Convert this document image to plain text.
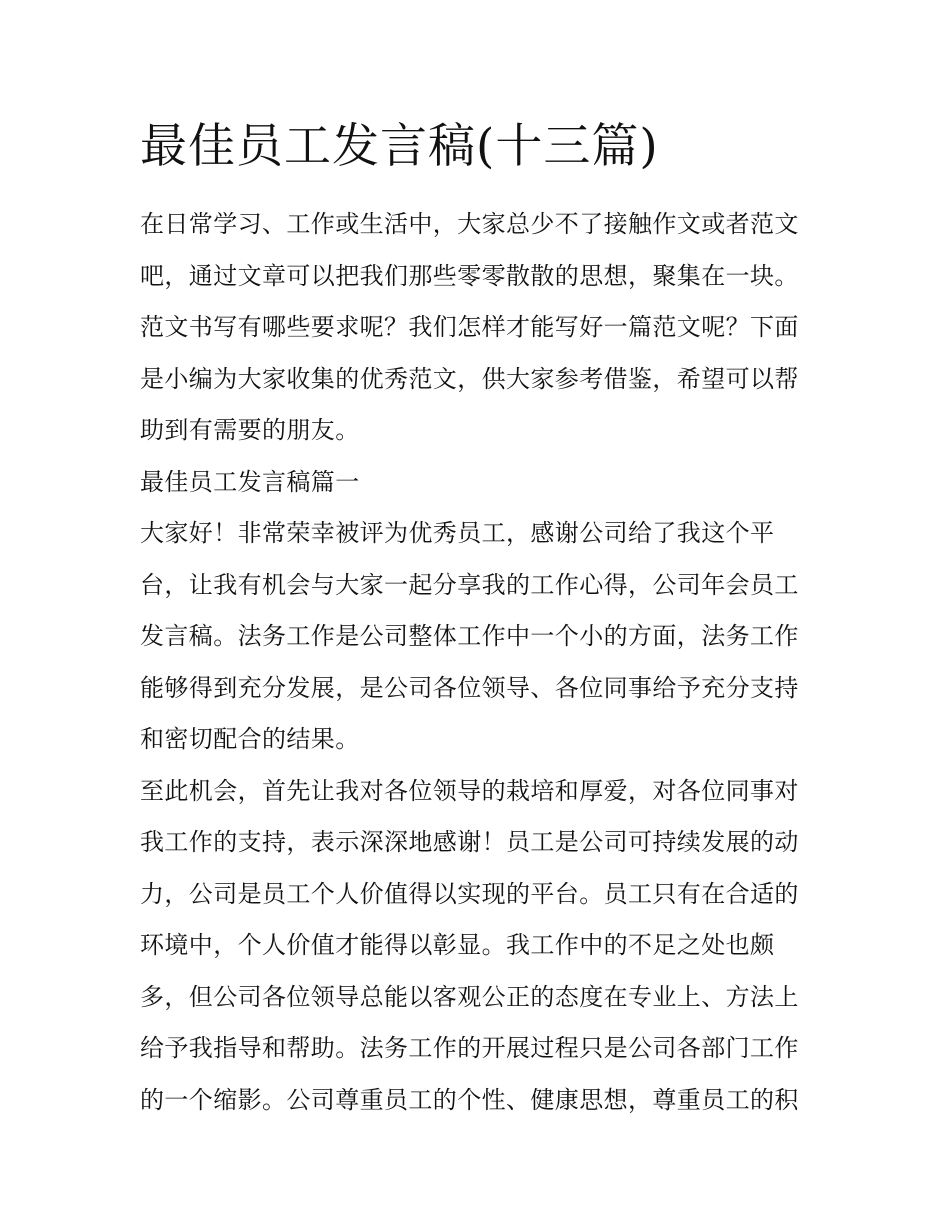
最佳员工发言稿(十三篇)
在日常学习、工作或生活中，大家总少不了接触作文或者范文
吧，通过文章可以把我们那些零零散散的思想，聚集在一块。
范文书写有哪些要求呢？我们怎样才能写好一篇范文呢？下面
是小编为大家收集的优秀范文，供大家参考借鉴，希望可以帮
助到有需要的朋友。
最佳员工发言稿篇一
大家好！非常荣幸被评为优秀员工，感谢公司给了我这个平
台，让我有机会与大家一起分享我的工作心得，公司年会员工
发言稿。法务工作是公司整体工作中一个小的方面，法务工作
能够得到充分发展，是公司各位领导、各位同事给予充分支持
和密切配合的结果。
至此机会，首先让我对各位领导的栽培和厚爱，对各位同事对
我工作的支持，表示深深地感谢！员工是公司可持续发展的动
力，公司是员工个人价值得以实现的平台。员工只有在合适的
环境中，个人价值才能得以彰显。我工作中的不足之处也颇
多，但公司各位领导总能以客观公正的态度在专业上、方法上
给予我指导和帮助。法务工作的开展过程只是公司各部门工作
的一个缩影。公司尊重员工的个性、健康思想，尊重员工的积
